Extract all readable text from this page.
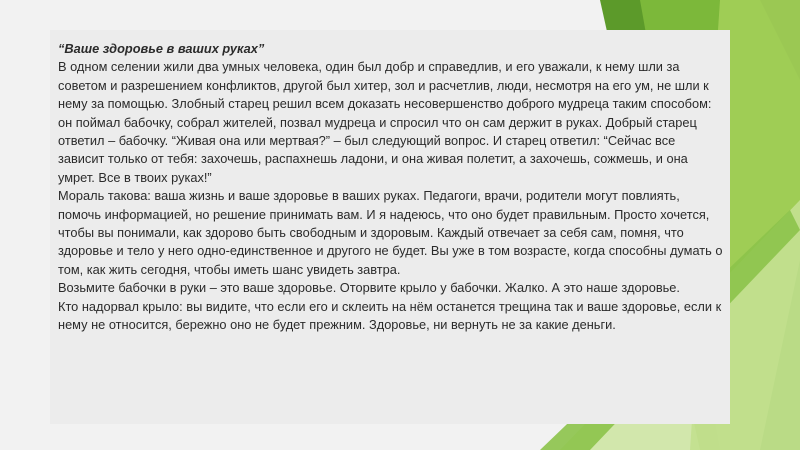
“Ваше здоровье в ваших руках”

В одном селении жили два умных человека, один был добр и справедлив, и его уважали, к нему шли за советом и разрешением конфликтов, другой был хитер, зол и расчетлив, люди, несмотря на его ум, не шли к нему за помощью. Злобный старец решил всем доказать несовершенство доброго мудреца таким способом: он поймал бабочку, собрал жителей, позвал мудреца и спросил что он сам держит в руках. Добрый старец ответил – бабочку. “Живая она или мертвая?” – был следующий вопрос. И старец ответил: “Сейчас все зависит только от тебя: захочешь, распахнешь ладони, и она живая полетит, а захочешь, сожмешь, и она умрет. Все в твоих руках!”

Мораль такова: ваша жизнь и ваше здоровье в ваших руках. Педагоги, врачи, родители могут повлиять, помочь информацией, но решение принимать вам. И я надеюсь, что оно будет правильным. Просто хочется, чтобы вы понимали, как здорово быть свободным и здоровым. Каждый отвечает за себя сам, помня, что здоровье и тело у него одно-единственное и другого не будет. Вы уже в том возрасте, когда способны думать о том, как жить сегодня, чтобы иметь шанс увидеть завтра.

Возьмите бабочки в руки – это ваше здоровье. Оторвите крыло у бабочки. Жалко. А это наше здоровье.

Кто надорвал крыло: вы видите, что если его и склеить на нём останется трещина так и ваше здоровье, если к нему не относится, бережно оно не будет прежним. Здоровье, ни вернуть не за какие деньги.
